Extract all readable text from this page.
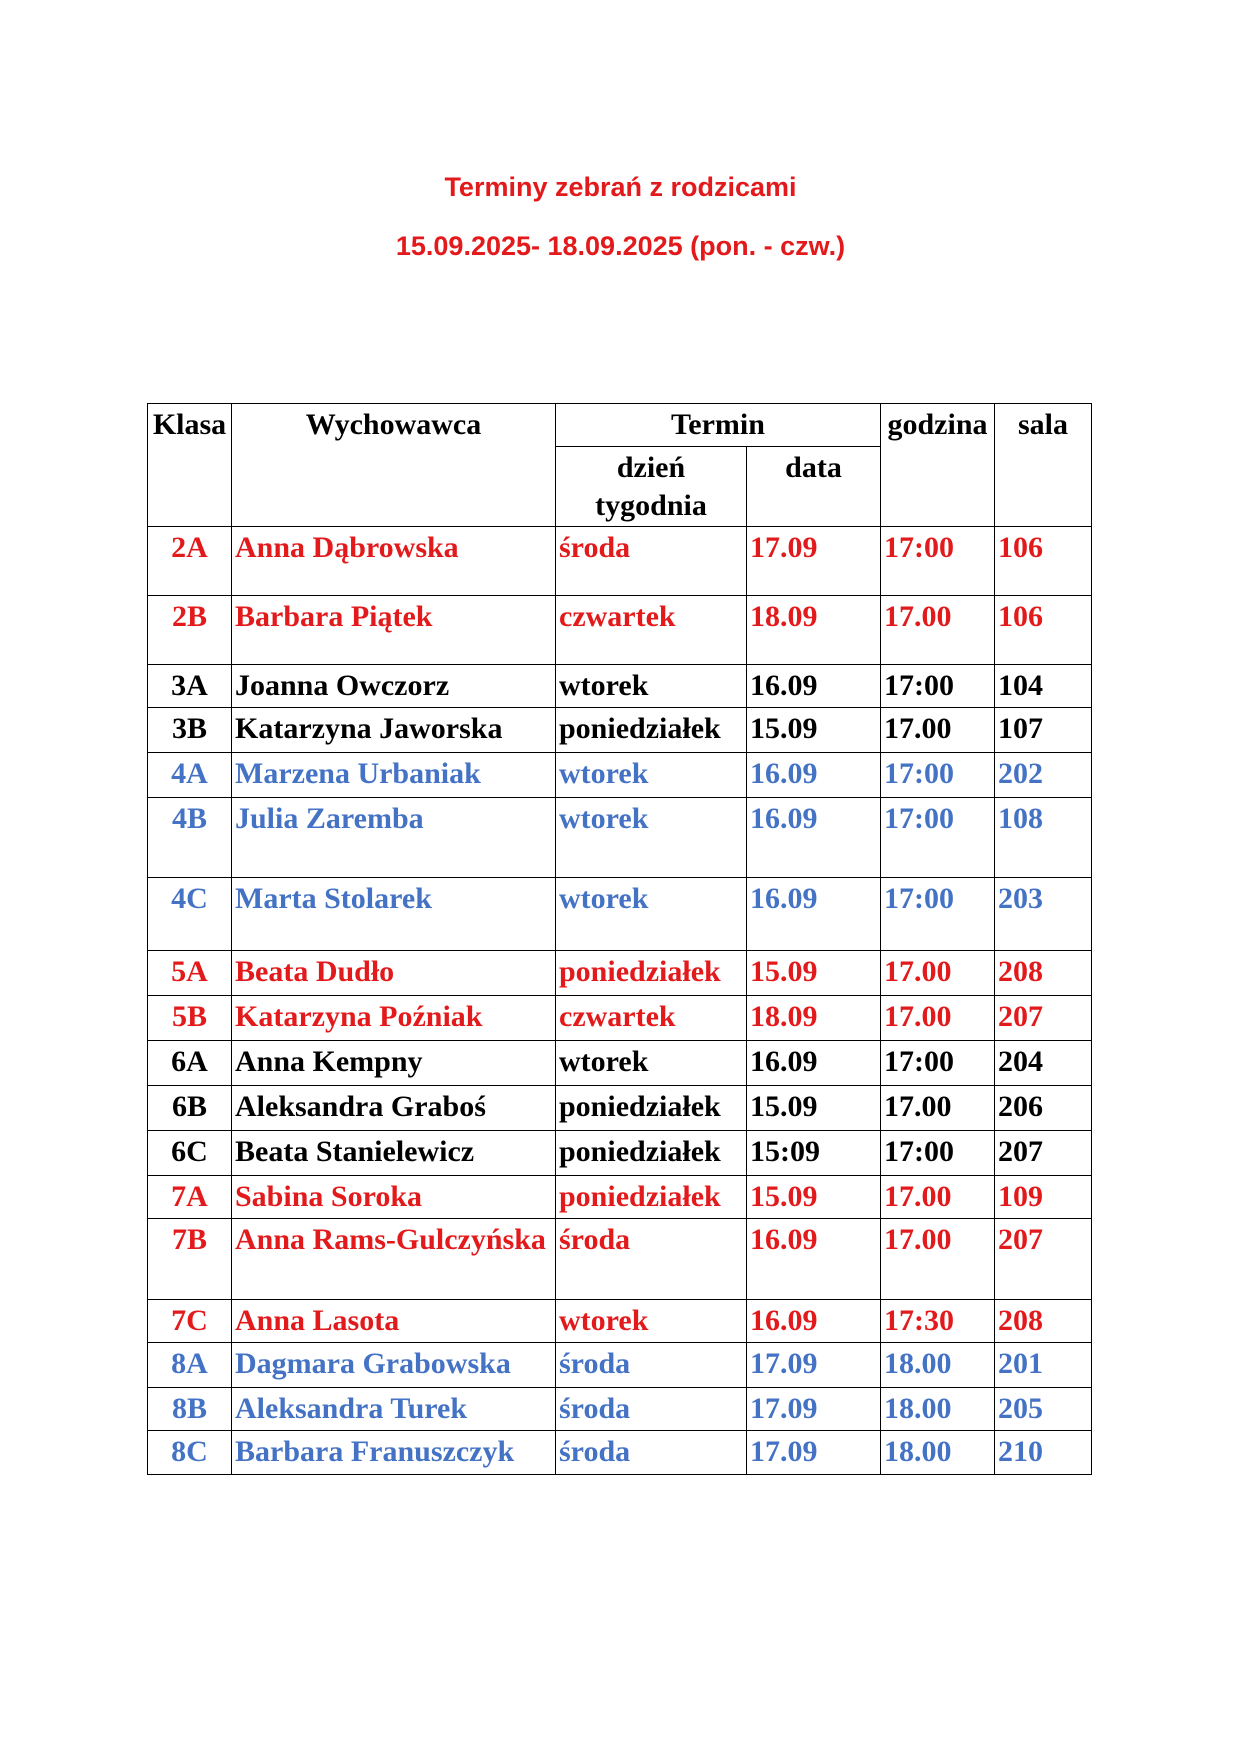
Terminy zebrań z rodzicami
15.09.2025- 18.09.2025 (pon. - czw.)
Klasa	Wychowawca	Termin		godzina	sala
		dzień
tygodnia	data		
2A	Anna Dąbrowska	środa	17.09	17:00	106
2B	Barbara Piątek	czwartek	18.09	17.00	106
3A	Joanna Owczorz	wtorek	16.09	17:00	104
3B	Katarzyna Jaworska	poniedziałek	15.09	17.00	107
4A	Marzena Urbaniak	wtorek	16.09	17:00	202
4B	Julia Zaremba	wtorek	16.09	17:00	108
4C	Marta Stolarek	wtorek	16.09	17:00	203
5A	Beata Dudło	poniedziałek	15.09	17.00	208
5B	Katarzyna Poźniak	czwartek	18.09	17.00	207
6A	Anna Kempny	wtorek	16.09	17:00	204
6B	Aleksandra Graboś	poniedziałek	15.09	17.00	206
6C	Beata Stanielewicz	poniedziałek	15:09	17:00	207
7A	Sabina Soroka	poniedziałek	15.09	17.00	109
7B	Anna Rams-Gulczyńska	środa	16.09	17.00	207
7C	Anna Lasota	wtorek	16.09	17:30	208
8A	Dagmara Grabowska	środa	17.09	18.00	201
8B	Aleksandra Turek	środa	17.09	18.00	205
8C	Barbara Franuszczyk	środa	17.09	18.00	210
